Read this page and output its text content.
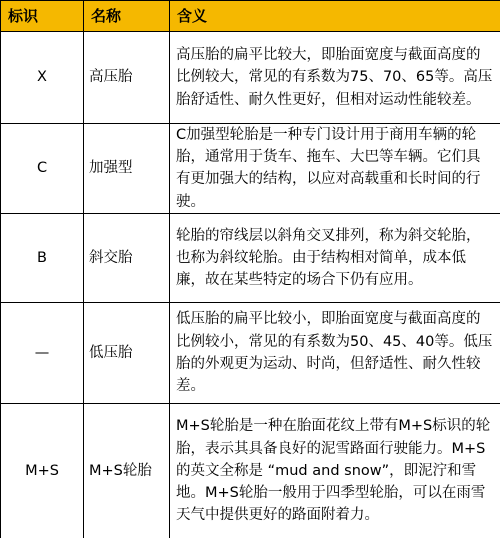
标识	名称	含义
X	高压胎	高压胎的扁平比较大，即胎面宽度与截面高度的比例较大，常见的有系数为75、70、65等。高压胎舒适性、耐久性更好，但相对运动性能较差。
C	加强型	C加强型轮胎是一种专门设计用于商用车辆的轮胎，通常用于货车、拖车、大巴等车辆。它们具有更加强大的结构，以应对高载重和长时间的行驶。
B	斜交胎	轮胎的帘线层以斜角交叉排列，称为斜交轮胎，也称为斜纹轮胎。由于结构相对简单，成本低廉，故在某些特定的场合下仍有应用。
—	低压胎	低压胎的扁平比较小，即胎面宽度与截面高度的比例较小，常见的有系数为50、45、40等。低压胎的外观更为运动、时尚，但舒适性、耐久性较差。
M+S	M+S轮胎	M+S轮胎是一种在胎面花纹上带有M+S标识的轮胎，表示其具备良好的泥雪路面行驶能力。M+S的英文全称是 “mud and snow”，即泥泞和雪地。M+S轮胎一般用于四季型轮胎，可以在雨雪天气中提供更好的路面附着力。
